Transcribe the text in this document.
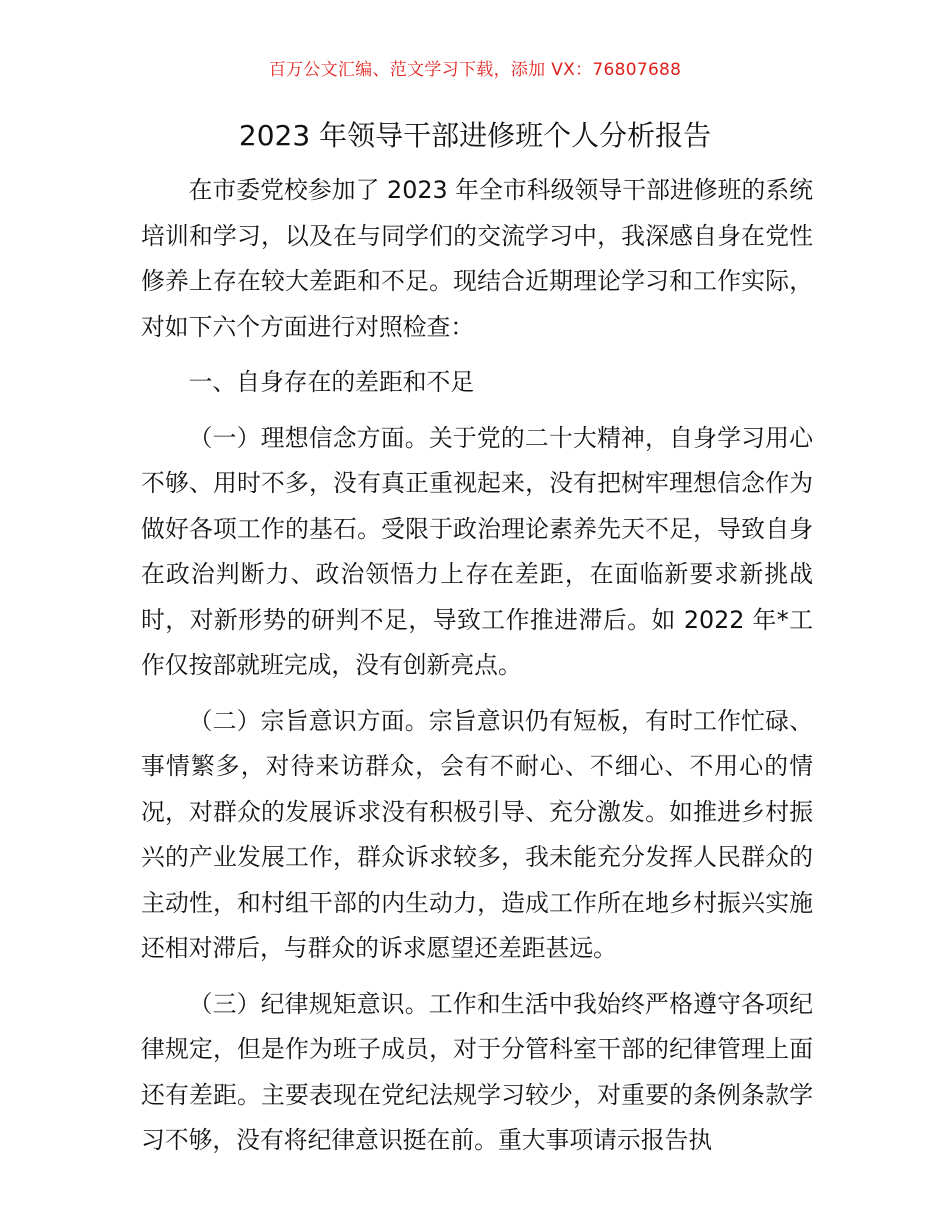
百万公文汇编、范文学习下载，添加 VX：76807688
2023 年领导干部进修班个人分析报告

在市委党校参加了 2023 年全市科级领导干部进修班的系统培训和学习，以及在与同学们的交流学习中，我深感自身在党性修养上存在较大差距和不足。现结合近期理论学习和工作实际，对如下六个方面进行对照检查：

一、自身存在的差距和不足

（一）理想信念方面。关于党的二十大精神，自身学习用心不够、用时不多，没有真正重视起来，没有把树牢理想信念作为做好各项工作的基石。受限于政治理论素养先天不足，导致自身在政治判断力、政治领悟力上存在差距，在面临新要求新挑战时，对新形势的研判不足，导致工作推进滞后。如 2022 年*工作仅按部就班完成，没有创新亮点。

（二）宗旨意识方面。宗旨意识仍有短板，有时工作忙碌、事情繁多，对待来访群众，会有不耐心、不细心、不用心的情况，对群众的发展诉求没有积极引导、充分激发。如推进乡村振兴的产业发展工作，群众诉求较多，我未能充分发挥人民群众的主动性，和村组干部的内生动力，造成工作所在地乡村振兴实施还相对滞后，与群众的诉求愿望还差距甚远。

（三）纪律规矩意识。工作和生活中我始终严格遵守各项纪律规定，但是作为班子成员，对于分管科室干部的纪律管理上面还有差距。主要表现在党纪法规学习较少，对重要的条例条款学习不够，没有将纪律意识挺在前。重大事项请示报告执
